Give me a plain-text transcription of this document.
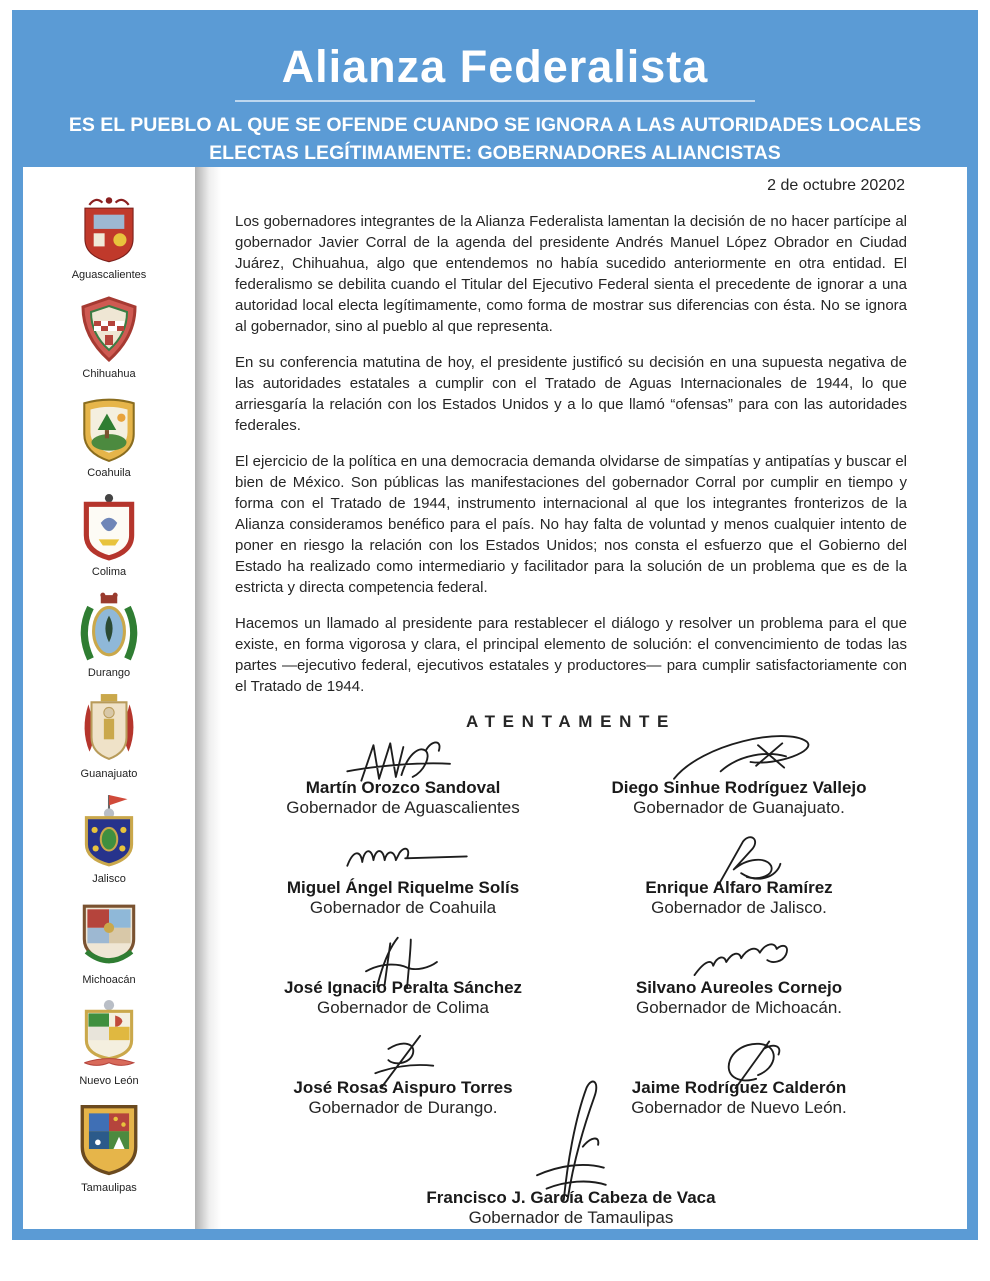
Alianza Federalista
ES EL PUEBLO AL QUE SE OFENDE CUANDO SE IGNORA A LAS AUTORIDADES LOCALES
ELECTAS LEGÍTIMAMENTE: GOBERNADORES ALIANCISTAS
Aguascalientes
Chihuahua
Coahuila
Colima
Durango
Guanajuato
Jalisco
Michoacán
Nuevo León
Tamaulipas
2 de octubre 20202

Los gobernadores integrantes de la Alianza Federalista lamentan la decisión de no hacer partícipe al gobernador Javier Corral de la agenda del presidente Andrés Manuel López Obrador en Ciudad Juárez, Chihuahua, algo que entendemos no había sucedido anteriormente en otra entidad. El federalismo se debilita cuando el Titular del Ejecutivo Federal sienta el precedente de ignorar a una autoridad local electa legítimamente, como forma de mostrar sus diferencias con ésta. No se ignora al gobernador, sino al pueblo al que representa.

En su conferencia matutina de hoy, el presidente justificó su decisión en una supuesta negativa de las autoridades estatales a cumplir con el Tratado de Aguas Internacionales de 1944, lo que arriesgaría la relación con los Estados Unidos y a lo que llamó “ofensas” para con las autoridades federales.

El ejercicio de la política en una democracia demanda olvidarse de simpatías y antipatías y buscar el bien de México. Son públicas las manifestaciones del gobernador Corral por cumplir en tiempo y forma con el Tratado de 1944, instrumento internacional al que los integrantes fronterizos de la Alianza consideramos benéfico para el país. No hay falta de voluntad y menos cualquier intento de poner en riesgo la relación con los Estados Unidos; nos consta el esfuerzo que el Gobierno del Estado ha realizado como intermediario y facilitador para la solución de un problema que es de la estricta y directa competencia federal.

Hacemos un llamado al presidente para restablecer el diálogo y resolver un problema para el que existe, en forma vigorosa y clara, el principal elemento de solución: el convencimiento de todas las partes —ejecutivo federal, ejecutivos estatales y productores— para cumplir satisfactoriamente con el Tratado de 1944.

ATENTAMENTE
Martín Orozco Sandoval
Gobernador de Aguascalientes
Diego Sinhue Rodríguez Vallejo
Gobernador de Guanajuato.
Miguel Ángel Riquelme Solís
Gobernador de Coahuila
Enrique Alfaro Ramírez
Gobernador de Jalisco.
José Ignacio Peralta Sánchez
Gobernador de Colima
Silvano Aureoles Cornejo
Gobernador de Michoacán.
José Rosas Aispuro Torres
Gobernador de Durango.
Jaime Rodríguez Calderón
Gobernador de Nuevo León.
Francisco J. García Cabeza de Vaca
Gobernador de Tamaulipas
